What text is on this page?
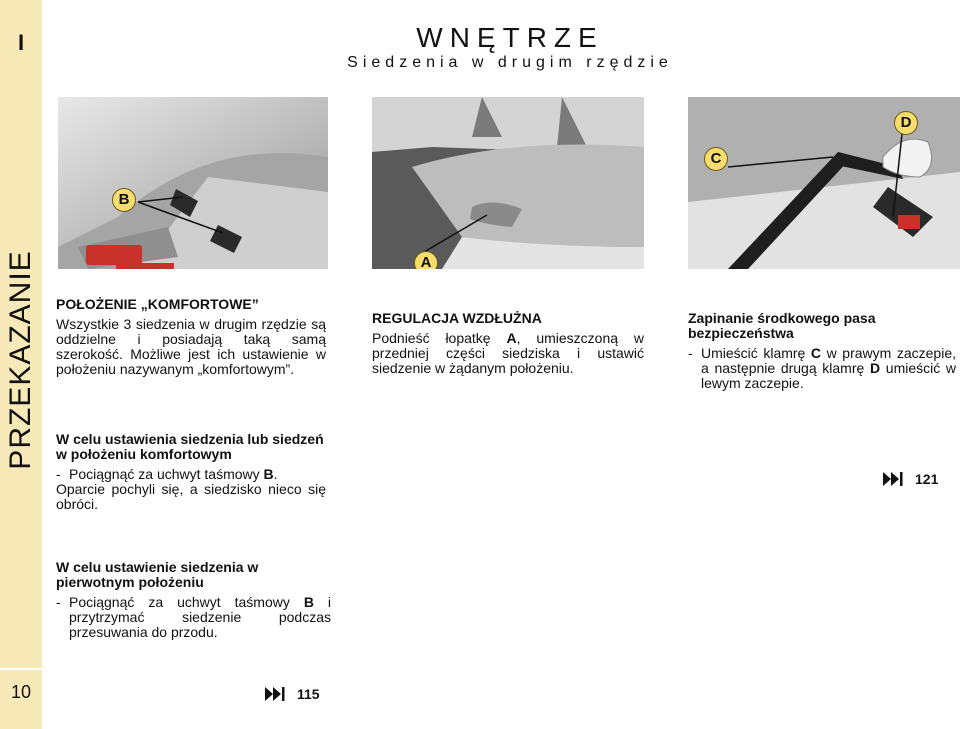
I
PRZEKAZANIE
10
WNĘTRZE
Siedzenia w drugim rzędzie
B
A
C
D
POŁOŻENIE „KOMFORTOWE”
Wszystkie 3 siedzenia w drugim rzędzie są oddzielne i posiadają taką samą szerokość. Możliwe jest ich ustawienie w położeniu nazywanym „komfortowym”.
W celu ustawienia siedzenia lub siedzeń w położeniu komfortowym
- Pociągnąć za uchwyt taśmowy B.
Oparcie pochyli się, a siedzisko nieco się obróci.
W celu ustawienie siedzenia w pierwotnym położeniu
- Pociągnąć za uchwyt taśmowy B i przytrzymać siedzenie podczas przesuwania do przodu.
REGULACJA WZDŁUŻNA
Podnieść łopatkę A, umieszczoną w przedniej części siedziska i ustawić siedzenie w żądanym położeniu.
Zapinanie środkowego pasa bezpieczeństwa
- Umieścić klamrę C w prawym zaczepie, a następnie drugą klamrę D umieścić w lewym zaczepie.
121
115
